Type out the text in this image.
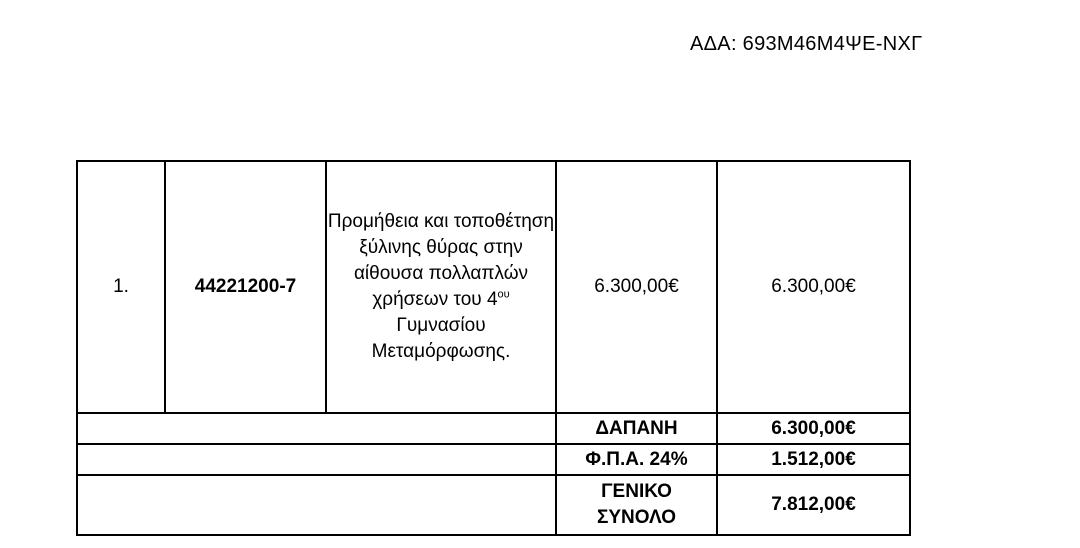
ΑΔΑ: 693Μ46Μ4ΨΕ-ΝΧΓ
1.	44221200-7	Προμήθεια και τοποθέτηση ξύλινης θύρας στην αίθουσα πολλαπλών χρήσεων του $4^{o\upsilon}$ Γυμνασίου Μεταμόρφωσης.	6.300,00€	6.300,00€
			ΔΑΠΑΝΗ	6.300,00€
			Φ.Π.Α. 24%	1.512,00€
			ΓΕΝΙΚΟ ΣΥΝΟΛΟ	7.812,00€
